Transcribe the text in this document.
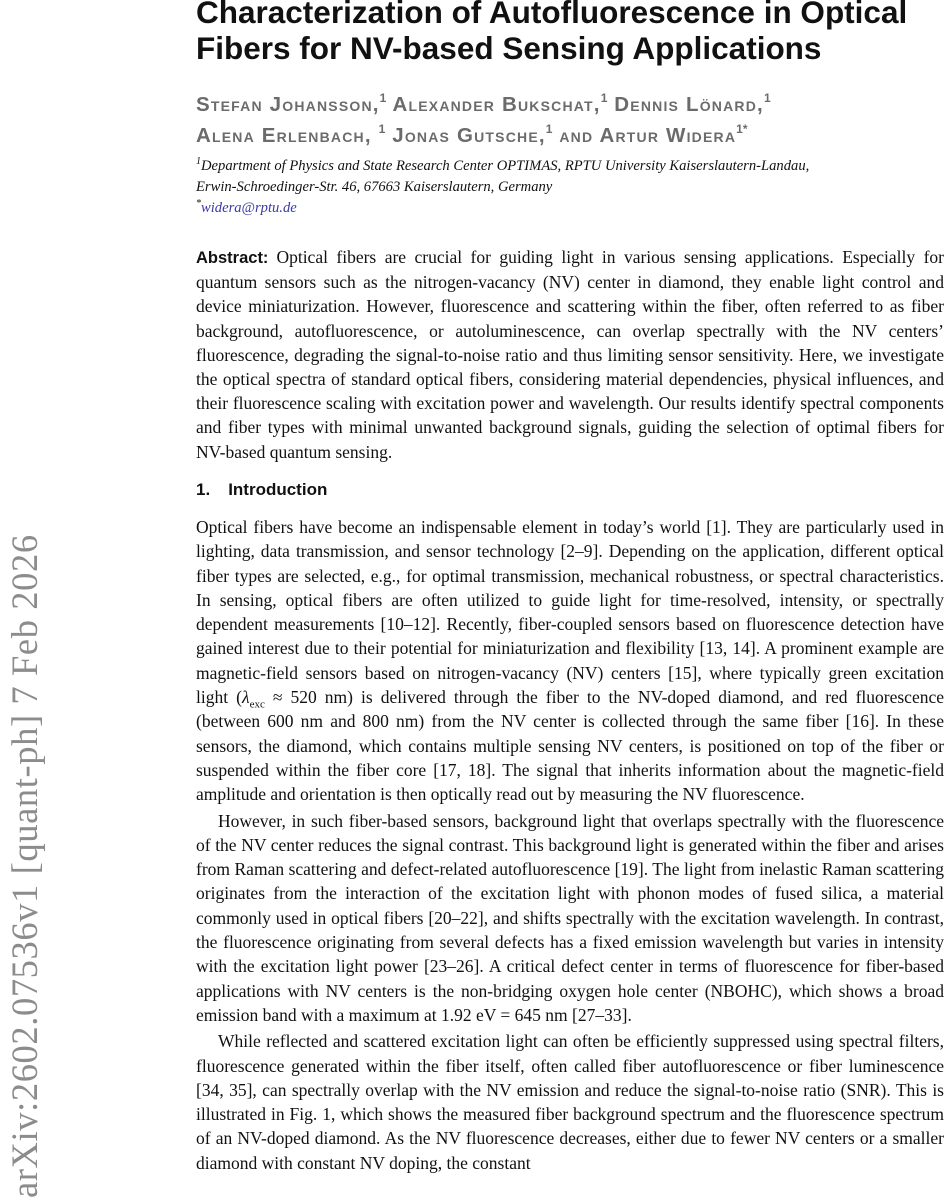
arXiv:2602.07536v1 [quant-ph] 7 Feb 2026
Characterization of Autofluorescence in Optical Fibers for NV-based Sensing Applications
Stefan Johansson,$^1$ Alexander Bukschat,$^1$ Dennis Lönard,$^1$
Alena Erlenbach, $^1$ Jonas Gutsche,$^1$ and Artur Widera$^{1*}$
$^1$Department of Physics and State Research Center OPTIMAS, RPTU University Kaiserslautern-Landau,
Erwin-Schroedinger-Str. 46, 67663 Kaiserslautern, Germany
*widera@rptu.de

Abstract: Optical fibers are crucial for guiding light in various sensing applications. Especially for quantum sensors such as the nitrogen-vacancy (NV) center in diamond, they enable light control and device miniaturization. However, fluorescence and scattering within the fiber, often referred to as fiber background, autofluorescence, or autoluminescence, can overlap spectrally with the NV centers’ fluorescence, degrading the signal-to-noise ratio and thus limiting sensor sensitivity. Here, we investigate the optical spectra of standard optical fibers, considering material dependencies, physical influences, and their fluorescence scaling with excitation power and wavelength. Our results identify spectral components and fiber types with minimal unwanted background signals, guiding the selection of optimal fibers for NV-based quantum sensing.

1. Introduction

Optical fibers have become an indispensable element in today’s world [1]. They are particularly used in lighting, data transmission, and sensor technology [2–9]. Depending on the application, different optical fiber types are selected, e.g., for optimal transmission, mechanical robustness, or spectral characteristics. In sensing, optical fibers are often utilized to guide light for time-resolved, intensity, or spectrally dependent measurements [10–12]. Recently, fiber-coupled sensors based on fluorescence detection have gained interest due to their potential for miniaturization and flexibility [13, 14]. A prominent example are magnetic-field sensors based on nitrogen-vacancy (NV) centers [15], where typically green excitation light ($\lambda_{exc} \approx 520$ nm) is delivered through the fiber to the NV-doped diamond, and red fluorescence (between 600 nm and 800 nm) from the NV center is collected through the same fiber [16]. In these sensors, the diamond, which contains multiple sensing NV centers, is positioned on top of the fiber or suspended within the fiber core [17, 18]. The signal that inherits information about the magnetic-field amplitude and orientation is then optically read out by measuring the NV fluorescence.

However, in such fiber-based sensors, background light that overlaps spectrally with the fluorescence of the NV center reduces the signal contrast. This background light is generated within the fiber and arises from Raman scattering and defect-related autofluorescence [19]. The light from inelastic Raman scattering originates from the interaction of the excitation light with phonon modes of fused silica, a material commonly used in optical fibers [20–22], and shifts spectrally with the excitation wavelength. In contrast, the fluorescence originating from several defects has a fixed emission wavelength but varies in intensity with the excitation light power [23–26]. A critical defect center in terms of fluorescence for fiber-based applications with NV centers is the non-bridging oxygen hole center (NBOHC), which shows a broad emission band with a maximum at 1.92 eV = 645 nm [27–33].

While reflected and scattered excitation light can often be efficiently suppressed using spectral filters, fluorescence generated within the fiber itself, often called fiber autofluorescence or fiber luminescence [34, 35], can spectrally overlap with the NV emission and reduce the signal-to-noise ratio (SNR). This is illustrated in Fig. 1, which shows the measured fiber background spectrum and the fluorescence spectrum of an NV-doped diamond. As the NV fluorescence decreases, either due to fewer NV centers or a smaller diamond with constant NV doping, the constant
